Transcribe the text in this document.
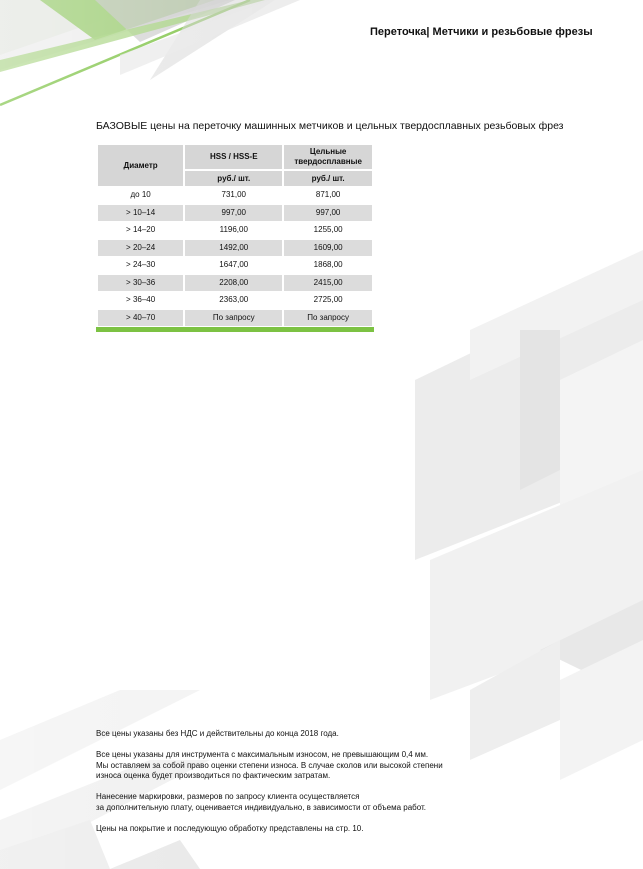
Переточка| Метчики и резьбовые фрезы
БАЗОВЫЕ цены на переточку машинных метчиков и цельных твердосплавных резьбовых фрез
Диаметр	HSS / HSS-E	Цельные твердосплавные
	руб./ шт.	руб./ шт.
до 10	731,00	871,00
> 10–14	997,00	997,00
> 14–20	1196,00	1255,00
> 20–24	1492,00	1609,00
> 24–30	1647,00	1868,00
> 30–36	2208,00	2415,00
> 36–40	2363,00	2725,00
> 40–70	По запросу	По запросу

Все цены указаны без НДС и действительны до конца 2018 года.

Все цены указаны для инструмента с максимальным износом, не превышающим 0,4 мм.
Мы оставляем за собой право оценки степени износа. В случае сколов или высокой степени
износа оценка будет производиться по фактическим затратам.

Нанесение маркировки, размеров по запросу клиента осуществляется
за дополнительную плату, оценивается индивидуально, в зависимости от объема работ.

Цены на покрытие и последующую обработку представлены на стр. 10.
